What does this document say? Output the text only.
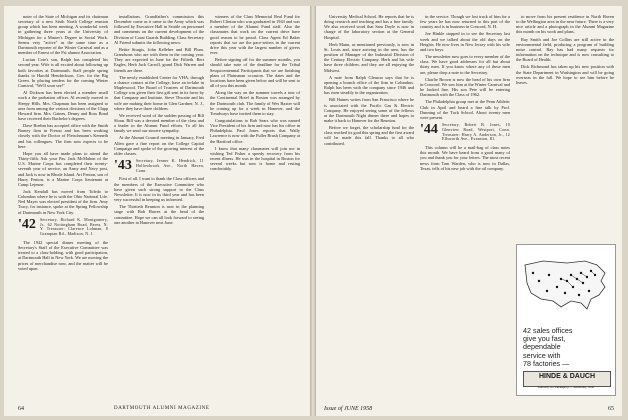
noter of the State of Michigan and its chairman secretary of a new Sixth North College reunion group which has been meeting. A wonderful week in gathering three years at the University of Michigan for a Master's Degree in Social Work. Seems very "active" as the same time as a Dartmouth reporter of the Winter Carnival and as a member of Ernest of the Psi alumni Association.

Lucian Cote's son, Ralph has completed his second year. Wife is all excited about following up both favorites at Dartmouth. Staff people spring thanks to Harold Hendrickson, Gov. for the Big Green. In placing tenders for the coming Winter Carnival, "We'll soon see!"

Al Dickson has been elected a member small work a the probation officer. Al recently moved to Sleepy Hills. Mrs. Chapman has been assigned to area from among the various divisions of the Clapp Howard firm. Mrs. Gaines, Denny and Ross Bond have received their Bachelor's degrees.

Dave Boehm has accepted office with the Smith Barney firm in Fresno and has been working closely with the Doctor of Fleischmann's Kenneth and his colleagues. The firm now expects to be here.

Hope you all have made plans to attend the Thirty-fifth. Ask your Pas. Jack McMahon of the U.S. Marine Corps has completed their twenty-seventh year of service, an Army and Navy post, and Jack is now in Rhode Island. Art Fenton, son of Harry Fenton, is a Marine Corps lieutenant at Camp Lejeune.

Jack Kendall has moved from Toledo to Columbus where he is with the Ohio National Life. Ned Mayer was elected president of the firm. Amy Tracy, for instance, spoke at the Spring Fellowship of Dartmouth in New York City.

'42 Secretary, Richard K. Montgomery, Jr., 62 Nottingham Road, Berea, N. Y. Treasurer: Clarence Lohman, 8 Grampian Rd., Madison, N. J.

The 1942 special dinner meeting of the Secretary's Staff of the Executive Committee was treated to a class-holding, with good participation, at Dartmouth Hall in New York. We are moving the prices of merchandise now, and the matter will be voted upon.

installations. Grandfather's commission this December come as it came to the Army which was followed by Executive Hall in Seattle on personnel and comments on the current development of the Division of Coast Guards Building. Class Secretary Al Friend submits the following news:

Bettie Sturgis, John Kelleher and Bill Plum. Grandsons who are with them in the coming year. They are expected in June for the Fiftieth. Bert Eagles, Herb Jack Carroll, grand Dick Warren and friends are there.

The newly established Center for VHA, through a chance contact at the College, have an in-lake in Maplewood. The Board of Trustees of Dartmouth College was given their first gift sent in its favor by that Company and Institute. Steve Thwaite and his wife are making their home in Glen Gardner, N. J., where they have three children.

We received word of the sudden passing of Bill Sloan. Bill was a devoted member of the class and a leader in the Alumni Fund efforts. To all his family we send our sincere sympathy.

At the Alumni Council meeting in January, Fred Allen gave a fine report on the College Capital Campaign and spoke of the growing interest of the older classes.

'43 Secretary, Jenner K. Hendrick, 11 Hollowbrook Ave., North Haven, Conn.

First of all, I want to thank the Class officers and the members of the Executive Committee who have given such strong support to the Class Newsletter. It is now in its third year and has been very successful in keeping us informed.

The Thirtieth Reunion is now in the planning stage with Bob Hawes at the head of the committee. Hope we can all look forward to seeing one another in Hanover next June.

winners of the Class Memorial Real Fund for Robert Clinton who was graduated in 1943 and was a member of the Alumni Fund staff. Also the classmates that work on the current drive have good reason to be proud. Class Agent Ed Baker reports that we are the pace-setters in the current drive this year with the largest number of givers ever.

Before signing off for the summer months, you should take note of the deadline for the Tribal Sesquicentennial Participants that we are finishing plans of Plainsman occasion. The dates and the locations have been given below and will be sent to all of you this month.

Along the way on the summer travels a tour of the Continental Hotel in Boston was arranged by the Dartmouth club. The family of Wes Baxter will be coming up for a week in Hanover, and the Treadways have invited them to stay.

Congratulations to Bob Sears who was named Vice President of his firm and now has his office in Philadelphia. Paul Jones reports that Wally Lawrence is now with the Fuller Brush Company at the Hartford office.

I know that many classmates will join me in wishing Ted Fisher a speedy recovery from his recent illness. He was in the hospital in Boston for several weeks but now is home and resting comfortably.

64	DARTMOUTH ALUMNI MAGAZINE

University Medical School. He reports that he is doing research and teaching and has a fine family. We also received word that Sam Doyle is now in charge of the laboratory section at the General Hospital.

Herb Mann, as mentioned previously, is now in St. Louis and, since arriving in the area, has the position of Manager of the Industrial Division of the Century Electric Company. Herb and his wife have three children, and they are all enjoying the Midwest.

A note from Ralph Gleason says that he is opening a branch office of the firm in Columbus. Ralph has been with the company since 1946 and has risen steadily in the organization.

Bill Haines writes from San Francisco where he is associated with the Pacific Gas & Electric Company. He enjoyed seeing some of the fellows at the Dartmouth Night dinner there and hopes to make it back to Hanover for the Reunion.

Before we forget, the scholarship fund for the class reached its goal this spring and the first award will be made this fall. Thanks to all who contributed.

in the service. Though we lost track of him for a few years he has now returned to this part of the country and is in business in Concord, N. H.

Joe Hinkle stopped in to see the Secretary last week and we talked about the old days on the Heights. He now lives in New Jersey with his wife and two boys.

The newsletter now goes to every member of the class. We have good addresses for all but about thirty men. If you know where any of these men are, please drop a note to the Secretary.

Charlie Brown is now the head of his own firm in Concord. We saw him at the Winter Carnival and he looked fine. His son Pete will be entering Dartmouth with the Class of 1962.

The Philadelphia group met at the Penn Athletic Club in April and heard a fine talk by Prof. Dunning of the Tuck School. About twenty men were present.

'44 Secretary, Robert B. Jones, 10 Glenview Road, Westport, Conn. Treasurer: Harry A. Anderson, Jr., 12 Ellsworth Ave., Evanston, Ill.

This column will be a mail-bag of class notes this month. We have heard from a good many of you and thank you for your letters. The most recent news from Tom Warden, who is now in Dallas, Texas, tells of his new job with the oil company.

to move from his present residence in North Haven to the Wellington area in the near future. There is a very nice article and a photograph in the Alumni Magazine this month on his work and plans.

Ray Smith and Joe Collins are still active in the environmental field, producing a program of building noise control. Ray has had many requests for information on the technique and is now consulting to the Board of Health.

Dick Richmond has taken up his new position with the State Department in Washington and will be going overseas in the fall. We hope to see him before he leaves.

42 sales offices
give you fast,
dependable
service with
78 factories —
HINDE & DAUCH
Authority on Packaging — Sandusky, Ohio
Issue of JUNE 1958	65
